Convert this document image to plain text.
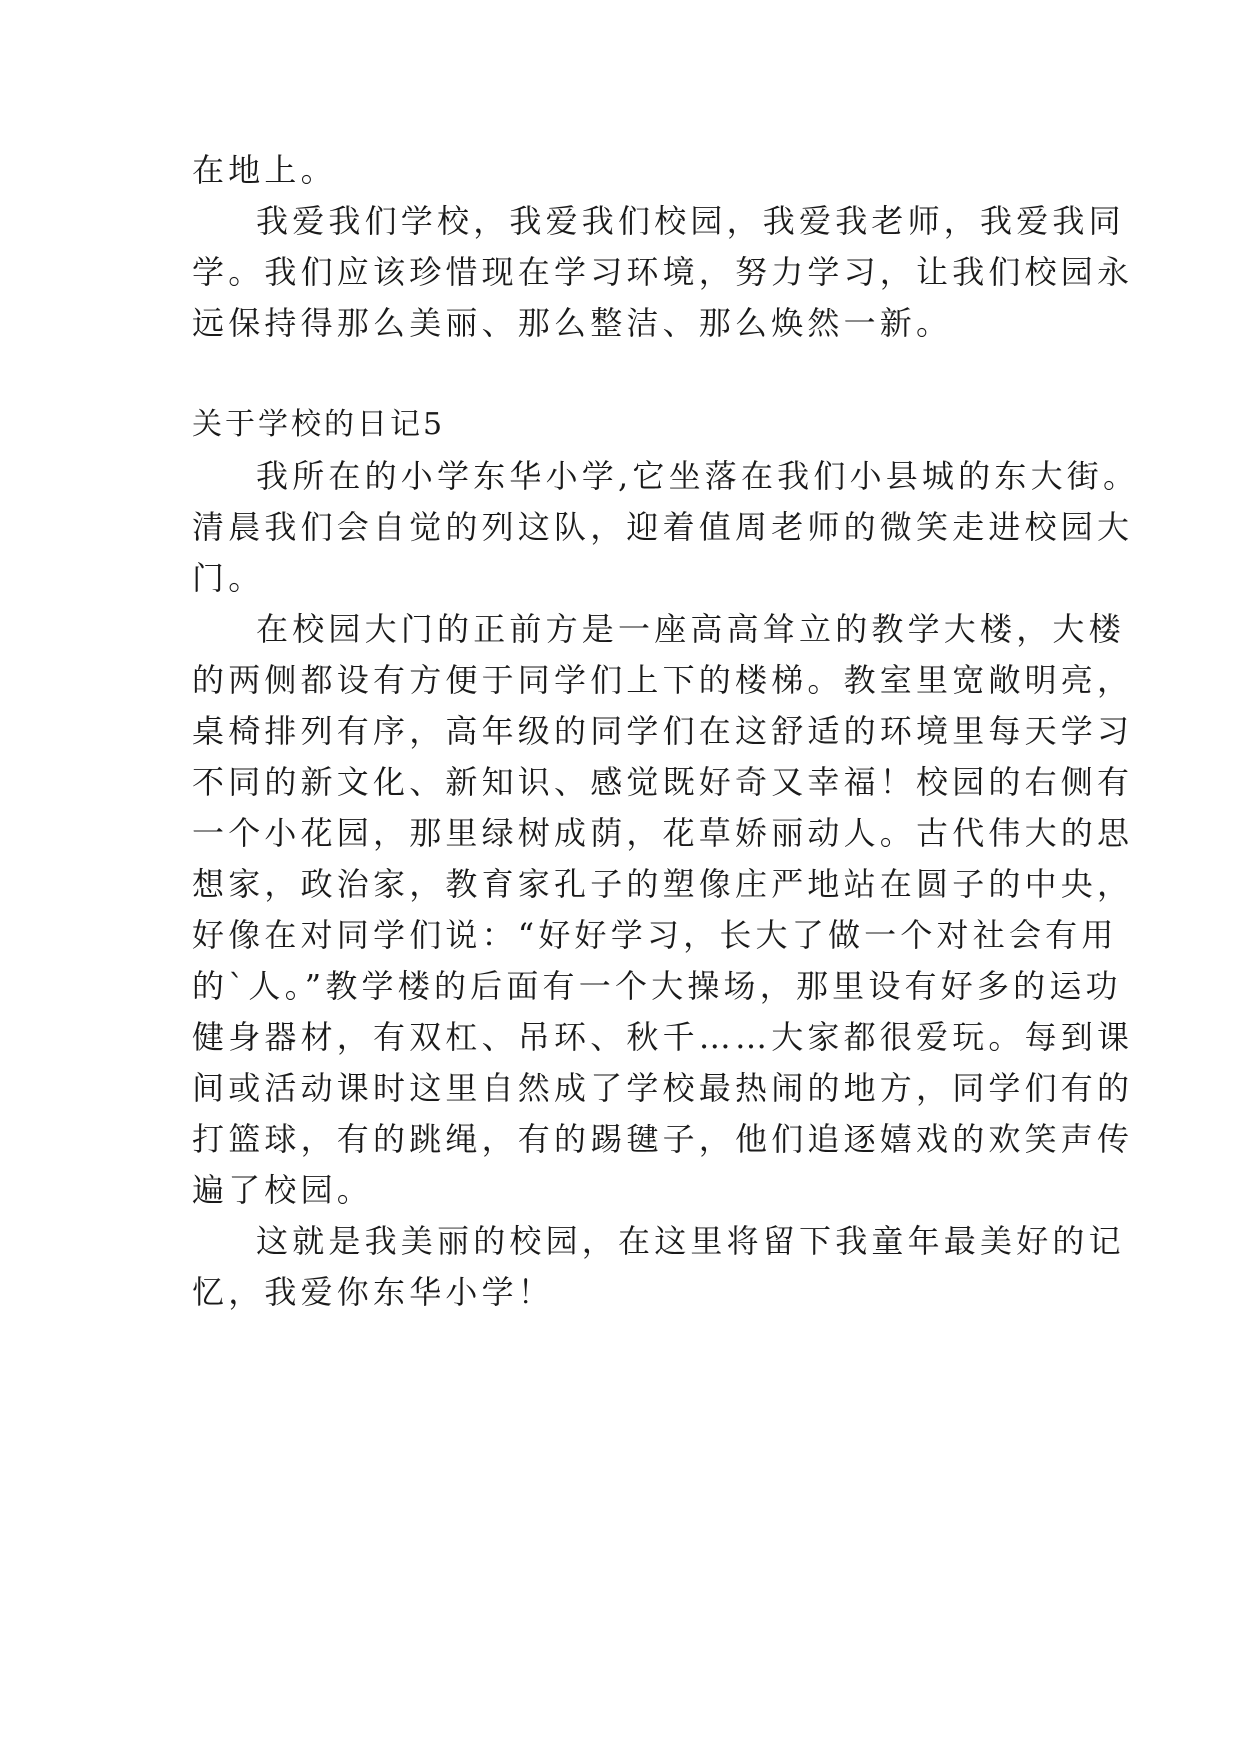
在地上。
我爱我们学校，我爱我们校园，我爱我老师，我爱我同
学。我们应该珍惜现在学习环境，努力学习，让我们校园永
远保持得那么美丽、那么整洁、那么焕然一新。
关于学校的日记5
我所在的小学东华小学,它坐落在我们小县城的东大街。
清晨我们会自觉的列这队，迎着值周老师的微笑走进校园大
门。
在校园大门的正前方是一座高高耸立的教学大楼，大楼
的两侧都设有方便于同学们上下的楼梯。教室里宽敞明亮，
桌椅排列有序，高年级的同学们在这舒适的环境里每天学习
不同的新文化、新知识、感觉既好奇又幸福！校园的右侧有
一个小花园，那里绿树成荫，花草娇丽动人。古代伟大的思
想家，政治家，教育家孔子的塑像庄严地站在圆子的中央，
好像在对同学们说：“好好学习，长大了做一个对社会有用
的`人。”教学楼的后面有一个大操场，那里设有好多的运功
健身器材，有双杠、吊环、秋千……大家都很爱玩。每到课
间或活动课时这里自然成了学校最热闹的地方，同学们有的
打篮球，有的跳绳，有的踢毽子，他们追逐嬉戏的欢笑声传
遍了校园。
这就是我美丽的校园，在这里将留下我童年最美好的记
忆，我爱你东华小学！
